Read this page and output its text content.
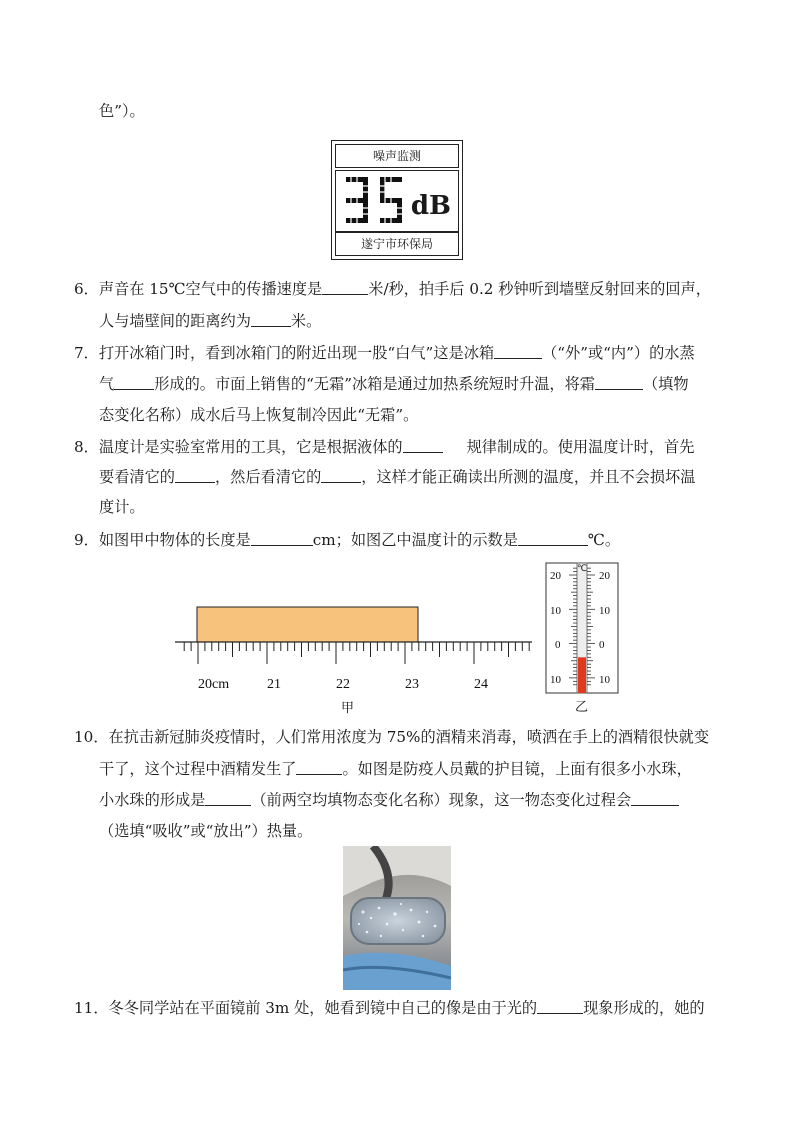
色”）。
6．声音在 15℃空气中的传播速度是	米/秒，拍手后 0.2 秒钟听到墙壁反射回来的回声，
人与墙壁间的距离约为	米。
7．打开冰箱门时，看到冰箱门的附近出现一股“白气”这是冰箱	（“外”或“内”）的水蒸
气	形成的。市面上销售的“无霜”冰箱是通过加热系统短时升温，将霜	（填物
态变化名称）成水后马上恢复制冷因此“无霜”。
8．温度计是实验室常用的工具，它是根据液体的	规律制成的。使用温度计时，首先
要看清它的	，然后看清它的	，这样才能正确读出所测的温度，并且不会损坏温
度计。
9．如图甲中物体的长度是	cm；如图乙中温度计的示数是	℃。
10．在抗击新冠肺炎疫情时，人们常用浓度为 75%的酒精来消毒，喷洒在手上的酒精很快就变
干了，这个过程中酒精发生了	。如图是防疫人员戴的护目镜，上面有很多小水珠，
小水珠的形成是	（前两空均填物态变化名称）现象，这一物态变化过程会
（选填“吸收”或“放出”）热量。
11．冬冬同学站在平面镜前 3m 处，她看到镜中自己的像是由于光的	现象形成的，她的
噪声监测
dB
遂宁市环保局
20cm	21	22	23	24
甲
℃
20
10
0
10
20
10
0
10
乙
